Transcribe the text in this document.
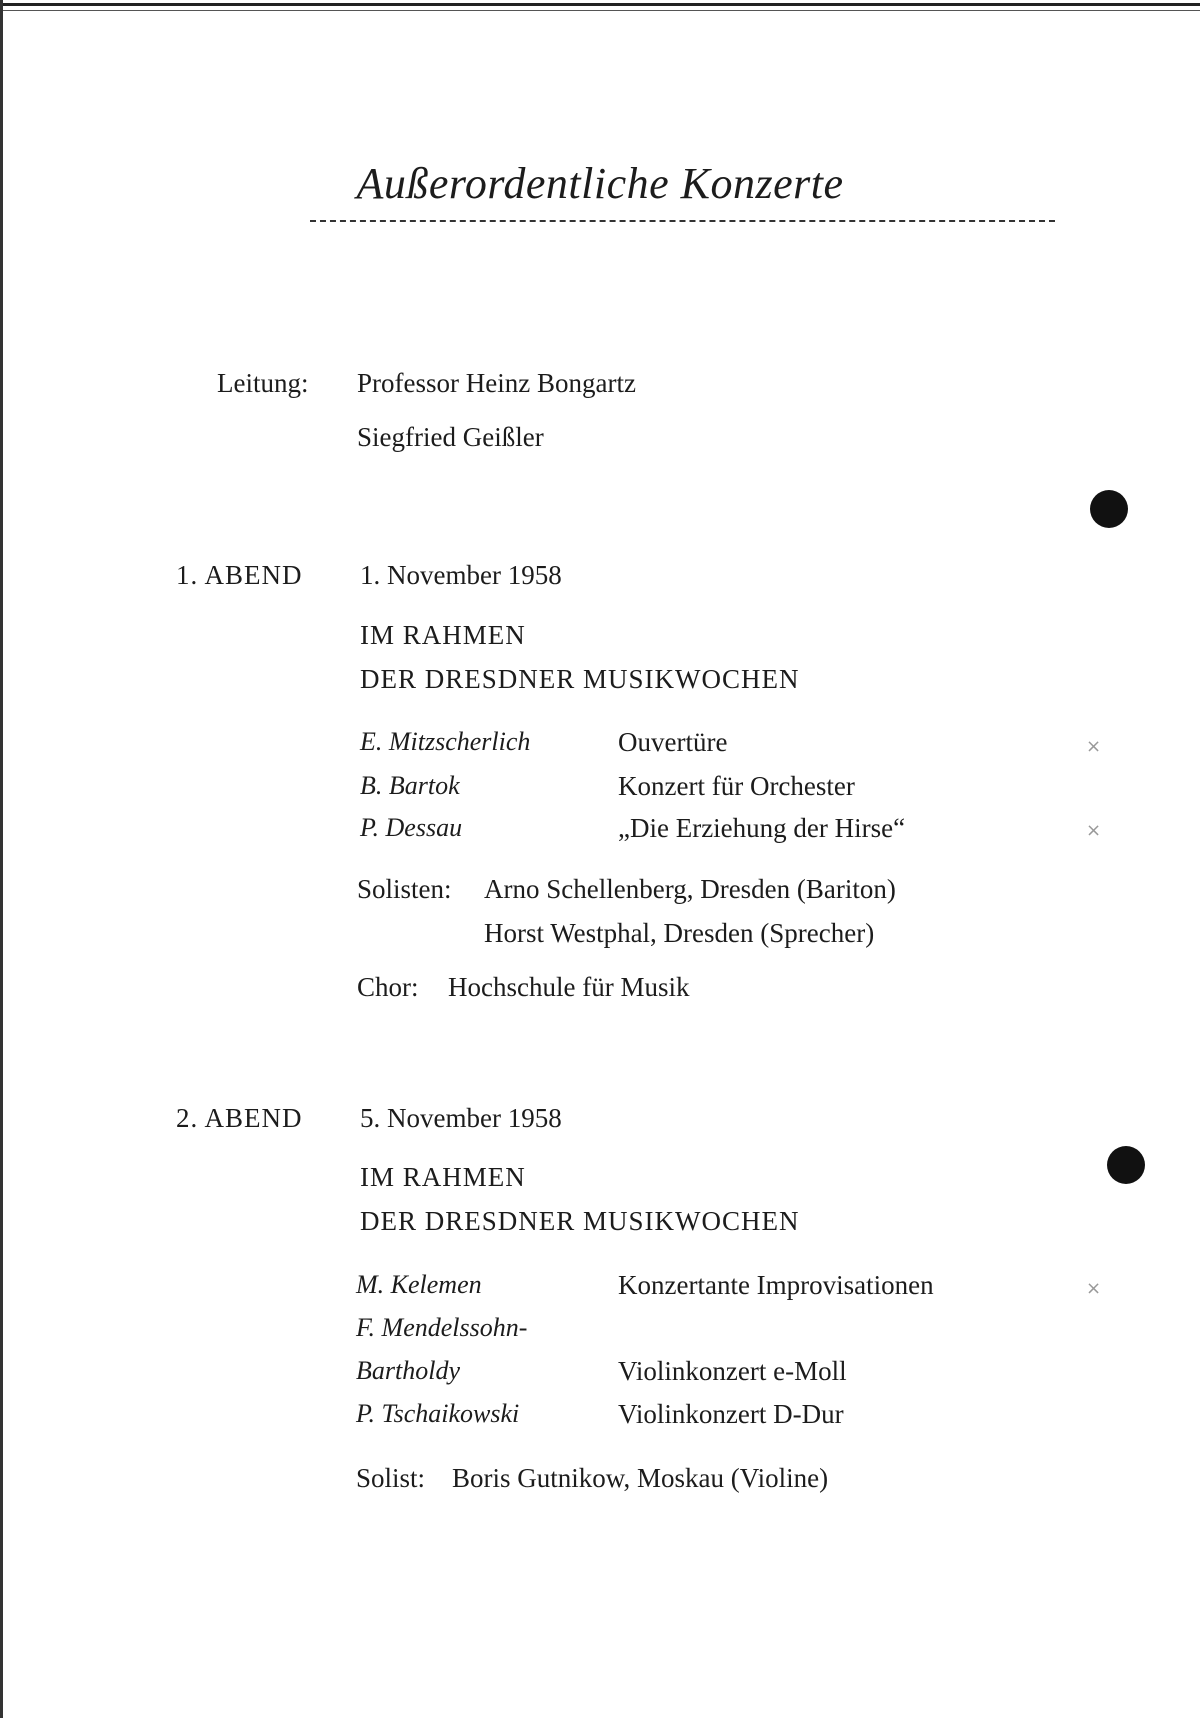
Außerordentliche Konzerte
Leitung: Professor Heinz Bongartz
Siegfried Geißler
×
×
×
1. ABEND 1. November 1958
IM RAHMEN
DER DRESDNER MUSIKWOCHEN
E. Mitzscherlich	Ouvertüre
B. Bartok	Konzert für Orchester
P. Dessau	„Die Erziehung der Hirse“
Solisten: Arno Schellenberg, Dresden (Bariton)
Horst Westphal, Dresden (Sprecher)
Chor: Hochschule für Musik
2. ABEND 5. November 1958
IM RAHMEN
DER DRESDNER MUSIKWOCHEN
M. Kelemen	Konzertante Improvisationen
F. Mendelssohn-
Bartholdy	Violinkonzert e-Moll
P. Tschaikowski	Violinkonzert D-Dur
Solist: Boris Gutnikow, Moskau (Violine)
